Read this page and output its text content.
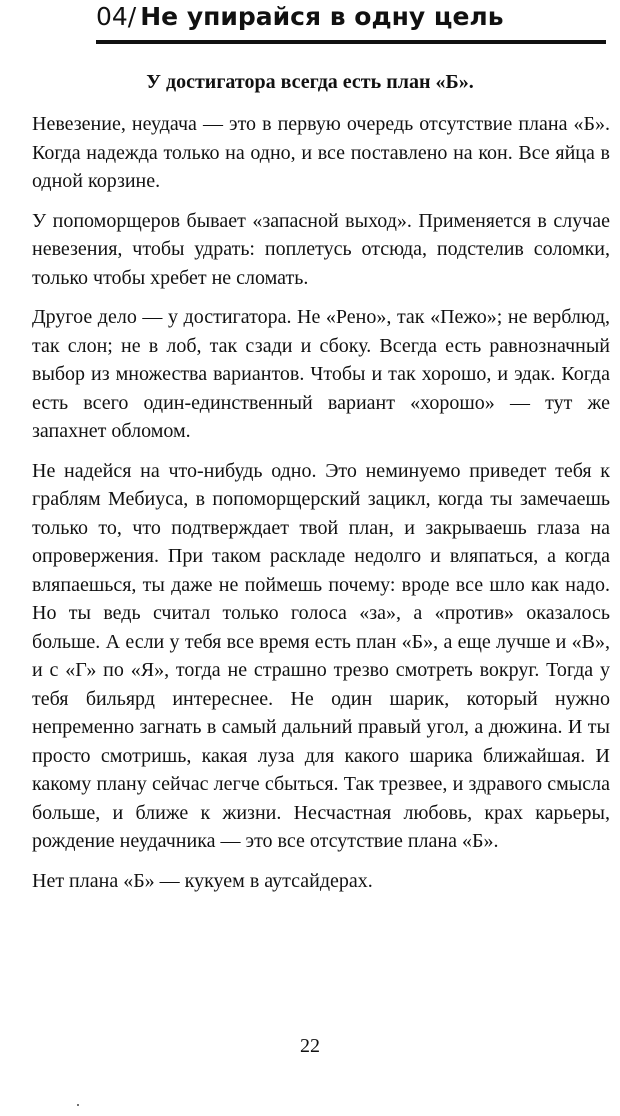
04/ Не упирайся в одну цель
У достигатора всегда есть план «Б».

Невезение, неудача — это в первую очередь отсутствие плана «Б». Когда надежда только на одно, и все поставлено на кон. Все яйца в одной корзине.

У попоморщеров бывает «запасной выход». Применяется в случае невезения, чтобы удрать: поплетусь отсюда, подстелив соломки, только чтобы хребет не сломать.

Другое дело — у достигатора. Не «Рено», так «Пежо»; не верблюд, так слон; не в лоб, так сзади и сбоку. Всегда есть равнозначный выбор из множества вариантов. Чтобы и так хорошо, и эдак. Когда есть всего один-единственный вариант «хорошо» — тут же запахнет обломом.

Не надейся на что-нибудь одно. Это неминуемо приведет тебя к граблям Мебиуса, в попоморщерский зацикл, когда ты замечаешь только то, что подтверждает твой план, и закрываешь глаза на опровержения. При таком раскладе недолго и вляпаться, а когда вляпаешься, ты даже не поймешь почему: вроде все шло как надо. Но ты ведь считал только голоса «за», а «против» оказалось больше. А если у тебя все время есть план «Б», а еще лучше и «В», и с «Г» по «Я», тогда не страшно трезво смотреть вокруг. Тогда у тебя бильярд интереснее. Не один шарик, который нужно непременно загнать в самый дальний правый угол, а дюжина. И ты просто смотришь, какая луза для какого шарика ближайшая. И какому плану сейчас легче сбыться. Так трезвее, и здравого смысла больше, и ближе к жизни. Несчастная любовь, крах карьеры, рождение неудачника — это все отсутствие плана «Б».

Нет плана «Б» — кукуем в аутсайдерах.

22
